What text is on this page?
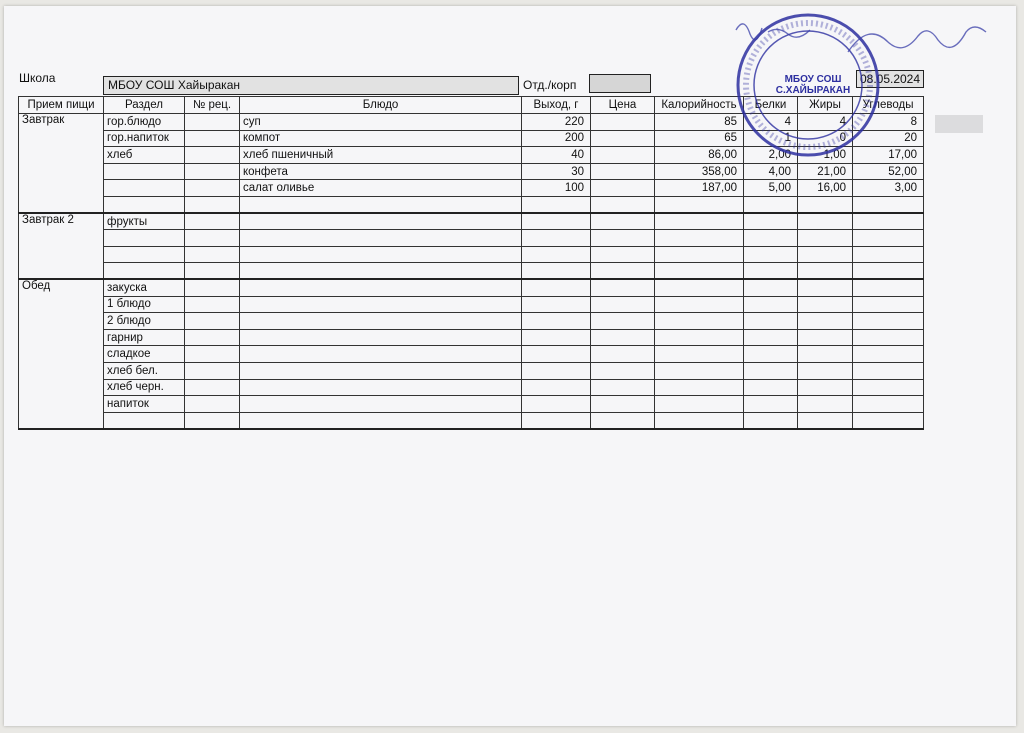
Школа	МБОУ СОШ Хайыракан	Отд./корп	08.05.2024
Прием пищи	Раздел	№ рец.	Блюдо	Выход, г	Цена	Калорийность	Белки	Жиры	Углеводы
Завтрак	гор.блюдо		суп	220		85	4	4	8
	гор.напиток		компот	200		65	1	0	20
	хлеб		хлеб пшеничный	40		86,00	2,00	1,00	17,00
			конфета	30		358,00	4,00	21,00	52,00
			салат оливье	100		187,00	5,00	16,00	3,00

Завтрак 2	фрукты								

Обед	закуска								
	1 блюдо								
	2 блюдо								
	гарнир								
	сладкое								
	хлеб бел.								
	хлеб черн.								
	напиток								

МБОУ СОШ
С.ХАЙЫРАКАН
